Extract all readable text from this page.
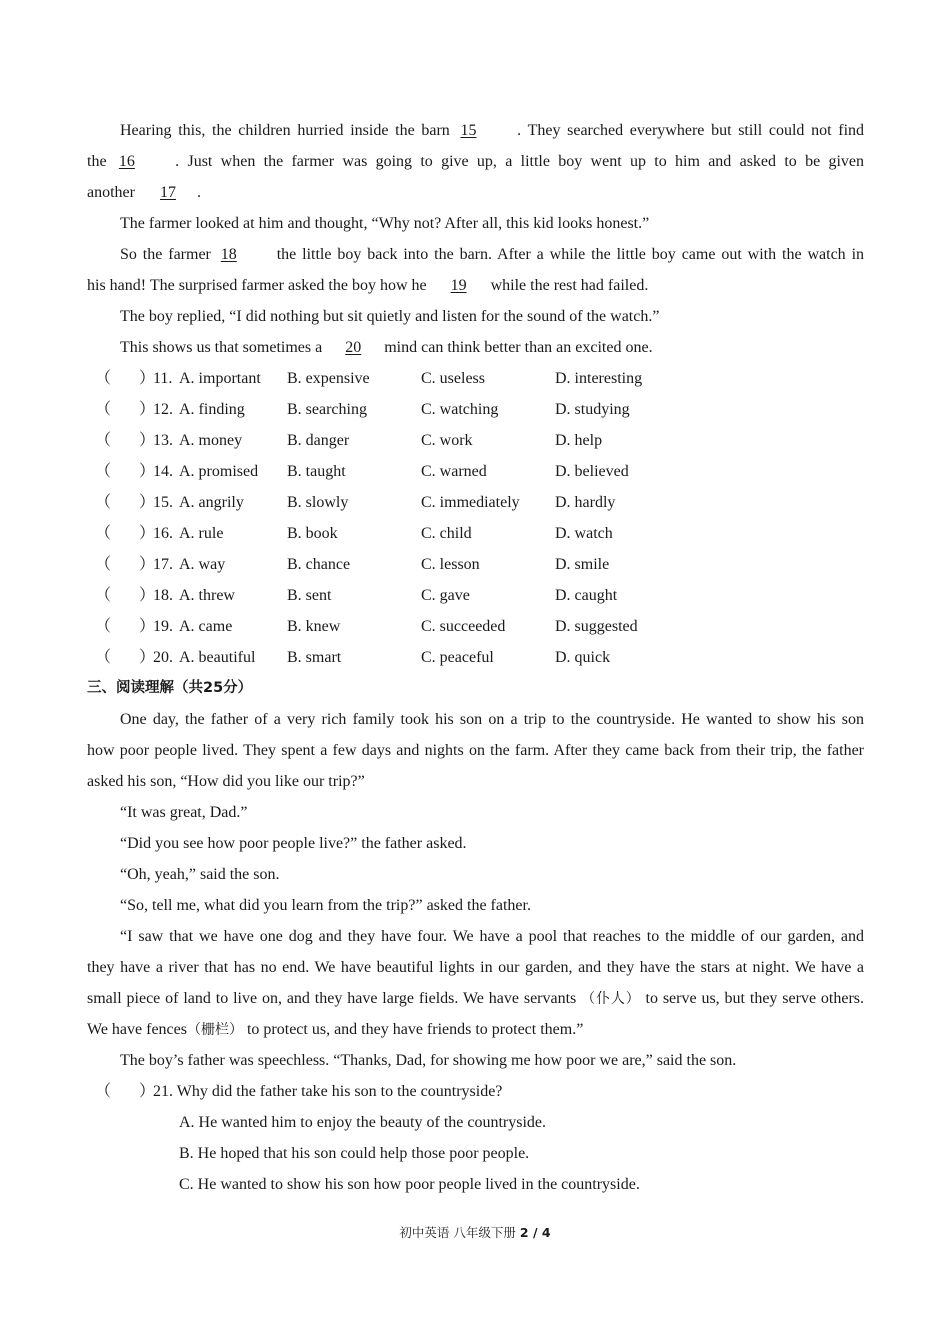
Hearing this, the children hurried inside the barn 15	. They searched everywhere but still could not find
the 16	. Just when the farmer was going to give up, a little boy went up to him and asked to be given
another 17 .
The farmer looked at him and thought, “Why not? After all, this kid looks honest.”
So the farmer 18 the little boy back into the barn. After a while the little boy came out with the watch in
his hand! The surprised farmer asked the boy how he 19 while the rest had failed.
The boy replied, “I did nothing but sit quietly and listen for the sound of the watch.”
This shows us that sometimes a 20 mind can think better than an excited one.
（ ）
11. A. important B. expensive	C. useless	D. interesting
（ ）
12. A. finding	B. searching	C. watching	D. studying
（ ）
13. A. money	B. danger	C. work	D. help
（ ）
14. A. promised B. taught	C. warned	D. believed
（ ）
15. A. angrily	B. slowly	C. immediately D. hardly
（ ）
16. A. rule	B. book	C. child	D. watch
（ ）
17. A. way	B. chance	C. lesson	D. smile
（ ）
18. A. threw	B. sent	C. gave	D. caught
（ ）
19. A. came	B. knew	C. succeeded	D. suggested
（ ）
20. A. beautiful B. smart	C. peaceful	D. quick
三、阅读理解（共25分）
One day, the father of a very rich family took his son on a trip to the countryside. He wanted to show his son
how poor people lived. They spent a few days and nights on the farm. After they came back from their trip, the father
asked his son, “How did you like our trip?”
“It was great, Dad.”
“Did you see how poor people live?” the father asked.
“Oh, yeah,” said the son.
“So, tell me, what did you learn from the trip?” asked the father.
“I saw that we have one dog and they have four. We have a pool that reaches to the middle of our garden, and
they have a river that has no end. We have beautiful lights in our garden, and they have the stars at night. We have a
small piece of land to live on, and they have large fields. We have servants （仆人） to serve us, but they serve others.
We have fences（栅栏） to protect us, and they have friends to protect them.”
The boy’s father was speechless. “Thanks, Dad, for showing me how poor we are,” said the son.
（ ）
21. Why did the father take his son to the countryside?
A. He wanted him to enjoy the beauty of the countryside.
B. He hoped that his son could help those poor people.
C. He wanted to show his son how poor people lived in the countryside.
初中英语 八年级下册 2 / 4
